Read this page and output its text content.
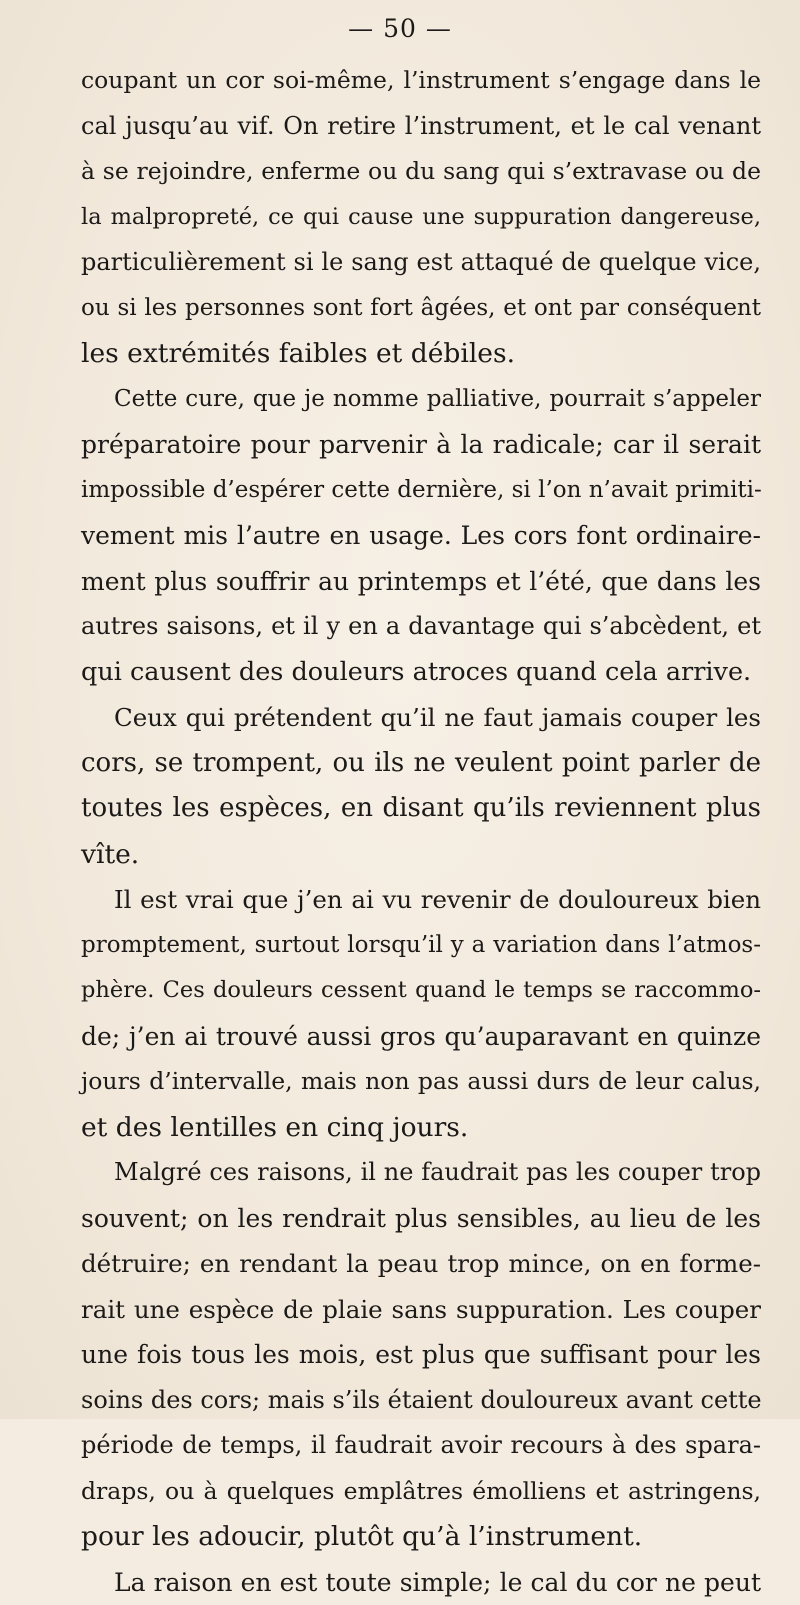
— 50 —
coupant un cor soi-même, l’instrument s’engage dans le
cal jusqu’au vif. On retire l’instrument, et le cal venant
à se rejoindre, enferme ou du sang qui s’extravase ou de
la malpropreté, ce qui cause une suppuration dangereuse,
particulièrement si le sang est attaqué de quelque vice,
ou si les personnes sont fort âgées, et ont par conséquent
les extrémités faibles et débiles.
Cette cure, que je nomme palliative, pourrait s’appeler
préparatoire pour parvenir à la radicale; car il serait
impossible d’espérer cette dernière, si l’on n’avait primiti-
vement mis l’autre en usage. Les cors font ordinaire-
ment plus souffrir au printemps et l’été, que dans les
autres saisons, et il y en a davantage qui s’abcèdent, et
qui causent des douleurs atroces quand cela arrive.
Ceux qui prétendent qu’il ne faut jamais couper les
cors, se trompent, ou ils ne veulent point parler de
toutes les espèces, en disant qu’ils reviennent plus
vîte.
Il est vrai que j’en ai vu revenir de douloureux bien
promptement, surtout lorsqu’il y a variation dans l’atmos-
phère. Ces douleurs cessent quand le temps se raccommo-
de; j’en ai trouvé aussi gros qu’auparavant en quinze
jours d’intervalle, mais non pas aussi durs de leur calus,
et des lentilles en cinq jours.
Malgré ces raisons, il ne faudrait pas les couper trop
souvent; on les rendrait plus sensibles, au lieu de les
détruire; en rendant la peau trop mince, on en forme-
rait une espèce de plaie sans suppuration. Les couper
une fois tous les mois, est plus que suffisant pour les
soins des cors; mais s’ils étaient douloureux avant cette
période de temps, il faudrait avoir recours à des spara-
draps, ou à quelques emplâtres émolliens et astringens,
pour les adoucir, plutôt qu’à l’instrument.
La raison en est toute simple; le cal du cor ne peut
